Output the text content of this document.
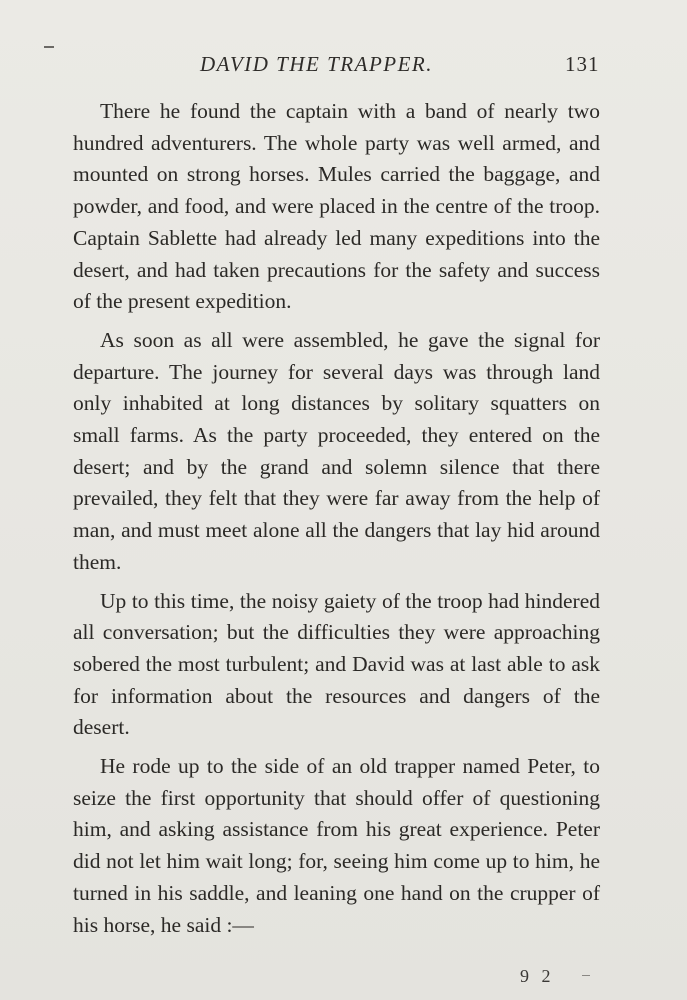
DAVID THE TRAPPER.	131

There he found the captain with a band of nearly two hundred adventurers. The whole party was well armed, and mounted on strong horses. Mules carried the baggage, and powder, and food, and were placed in the centre of the troop. Captain Sablette had already led many expeditions into the desert, and had taken precautions for the safety and success of the present expedition.

As soon as all were assembled, he gave the signal for departure. The journey for several days was through land only inhabited at long distances by solitary squatters on small farms. As the party proceeded, they entered on the desert; and by the grand and solemn silence that there prevailed, they felt that they were far away from the help of man, and must meet alone all the dangers that lay hid around them.

Up to this time, the noisy gaiety of the troop had hindered all conversation; but the difficulties they were approaching sobered the most turbulent; and David was at last able to ask for information about the resources and dangers of the desert.

He rode up to the side of an old trapper named Peter, to seize the first opportunity that should offer of questioning him, and asking assistance from his great experience. Peter did not let him wait long; for, seeing him come up to him, he turned in his saddle, and leaning one hand on the crupper of his horse, he said :—

9 2
